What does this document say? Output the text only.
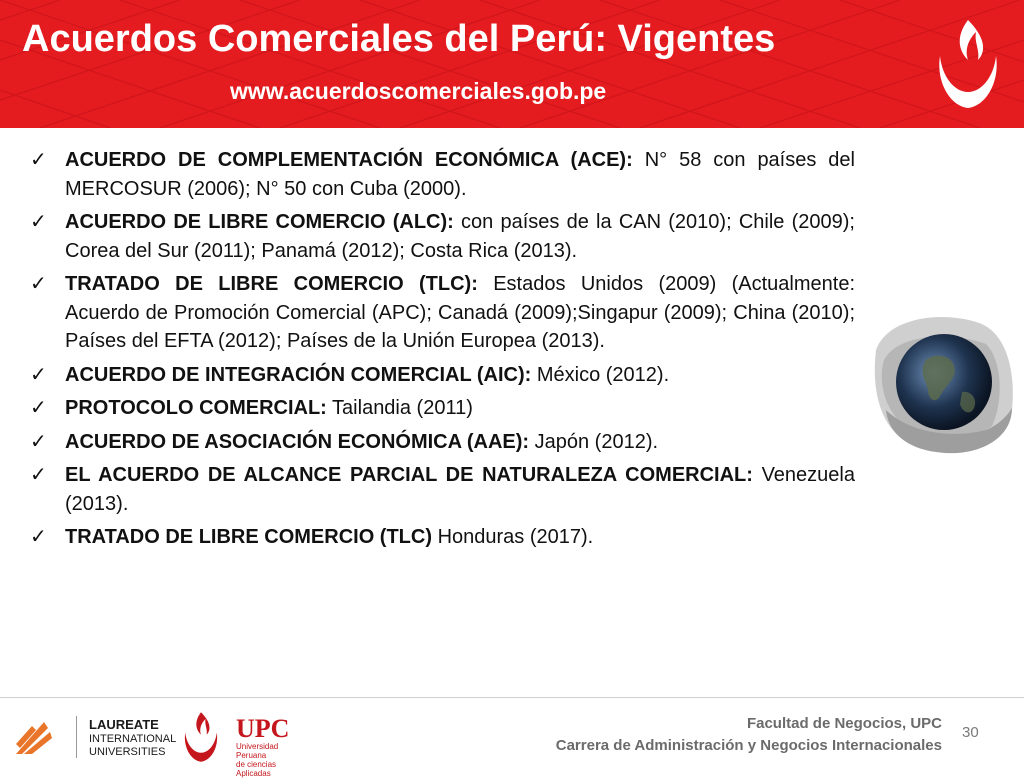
Acuerdos Comerciales del Perú: Vigentes
www.acuerdoscomerciales.gob.pe
✓ ACUERDO DE COMPLEMENTACIÓN ECONÓMICA (ACE): N° 58 con países del MERCOSUR (2006); N° 50 con Cuba (2000).
✓ ACUERDO DE LIBRE COMERCIO (ALC): con países de la CAN (2010); Chile (2009); Corea del Sur (2011); Panamá (2012); Costa Rica (2013).
✓ TRATADO DE LIBRE COMERCIO (TLC): Estados Unidos (2009) (Actualmente: Acuerdo de Promoción Comercial (APC); Canadá (2009);Singapur (2009); China (2010); Países del EFTA (2012); Países de la Unión Europea (2013).
✓ ACUERDO DE INTEGRACIÓN COMERCIAL (AIC): México (2012).
✓ PROTOCOLO COMERCIAL: Tailandia (2011)
✓ ACUERDO DE ASOCIACIÓN ECONÓMICA (AAE): Japón (2012).
✓ EL ACUERDO DE ALCANCE PARCIAL DE NATURALEZA COMERCIAL: Venezuela (2013).
✓ TRATADO DE LIBRE COMERCIO (TLC) Honduras (2017).
LAUREATE
INTERNATIONAL
UNIVERSITIES
UPC
Universidad Peruana
de ciencias Aplicadas
Facultad de Negocios, UPC
Carrera de Administración y Negocios Internacionales
30
